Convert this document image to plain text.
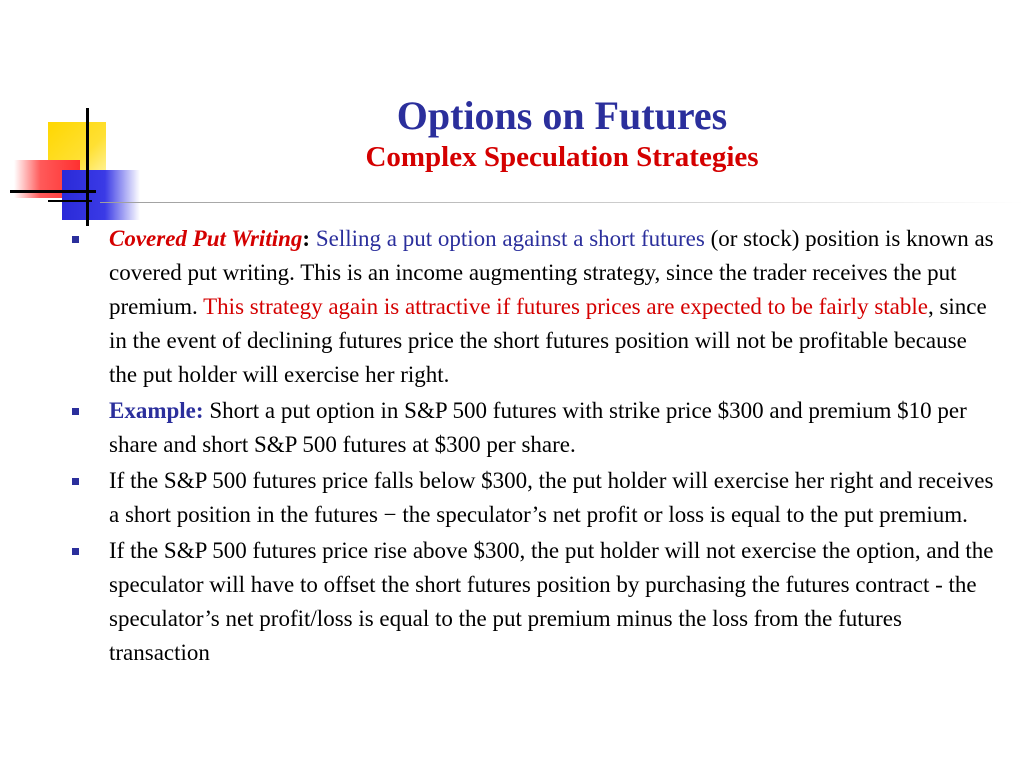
Options on Futures
Complex Speculation Strategies
Covered Put Writing: Selling a put option against a short futures (or stock) position is known as covered put writing. This is an income augmenting strategy, since the trader receives the put premium. This strategy again is attractive if futures prices are expected to be fairly stable, since in the event of declining futures price the short futures position will not be profitable because the put holder will exercise her right.
Example: Short a put option in S&P 500 futures with strike price $300 and premium $10 per share and short S&P 500 futures at $300 per share.
If the S&P 500 futures price falls below $300, the put holder will exercise her right and receives a short position in the futures − the speculator’s net profit or loss is equal to the put premium.
If the S&P 500 futures price rise above $300, the put holder will not exercise the option, and the speculator will have to offset the short futures position by purchasing the futures contract - the speculator’s net profit/loss is equal to the put premium minus the loss from the futures transaction
